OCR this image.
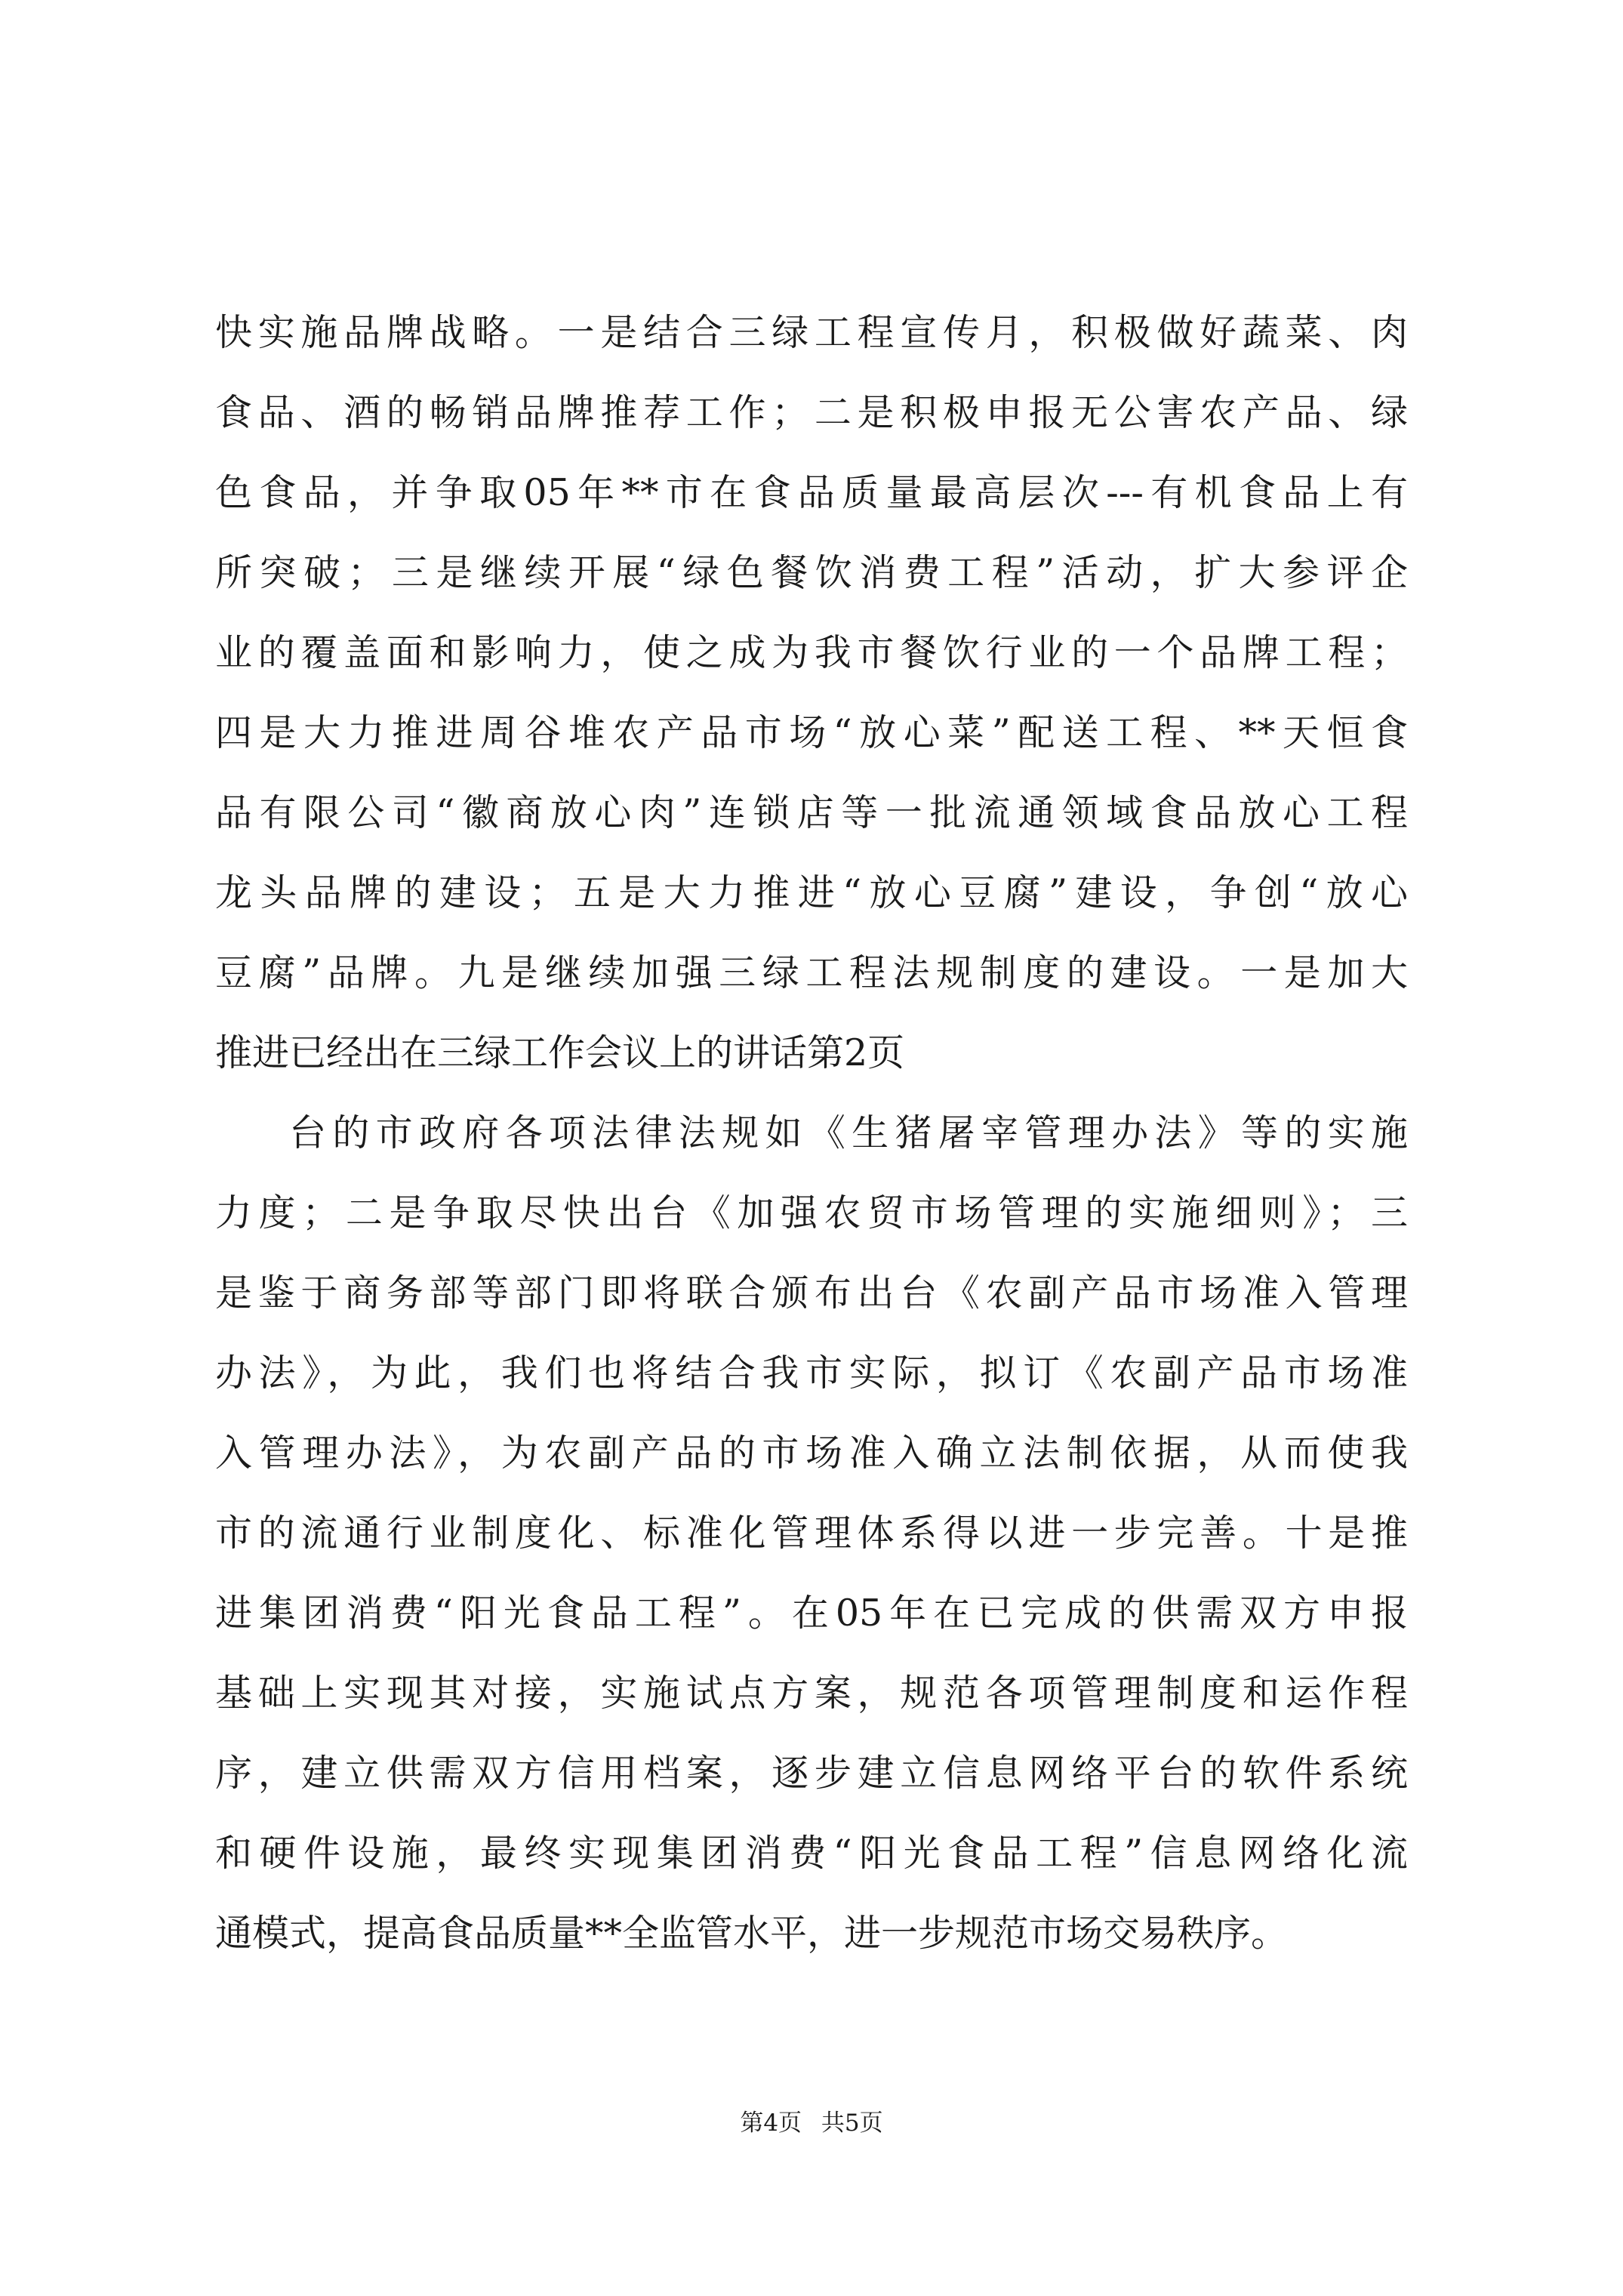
快实施品牌战略。一是结合三绿工程宣传月，积极做好蔬菜、肉
食品、酒的畅销品牌推荐工作；二是积极申报无公害农产品、绿
色食品，并争取05年**市在食品质量最高层次---有机食品上有
所突破；三是继续开展“绿色餐饮消费工程”活动，扩大参评企
业的覆盖面和影响力，使之成为我市餐饮行业的一个品牌工程；
四是大力推进周谷堆农产品市场“放心菜”配送工程、**天恒食
品有限公司“徽商放心肉”连锁店等一批流通领域食品放心工程
龙头品牌的建设；五是大力推进“放心豆腐”建设，争创“放心
豆腐”品牌。九是继续加强三绿工程法规制度的建设。一是加大
推进已经出在三绿工作会议上的讲话第2页
台的市政府各项法律法规如《生猪屠宰管理办法》等的实施
力度；二是争取尽快出台《加强农贸市场管理的实施细则》；三
是鉴于商务部等部门即将联合颁布出台《农副产品市场准入管理
办法》，为此，我们也将结合我市实际，拟订《农副产品市场准
入管理办法》，为农副产品的市场准入确立法制依据，从而使我
市的流通行业制度化、标准化管理体系得以进一步完善。十是推
进集团消费“阳光食品工程”。在05年在已完成的供需双方申报
基础上实现其对接，实施试点方案，规范各项管理制度和运作程
序，建立供需双方信用档案，逐步建立信息网络平台的软件系统
和硬件设施，最终实现集团消费“阳光食品工程”信息网络化流
通模式，提高食品质量**全监管水平，进一步规范市场交易秩序。
第4页 共5页
